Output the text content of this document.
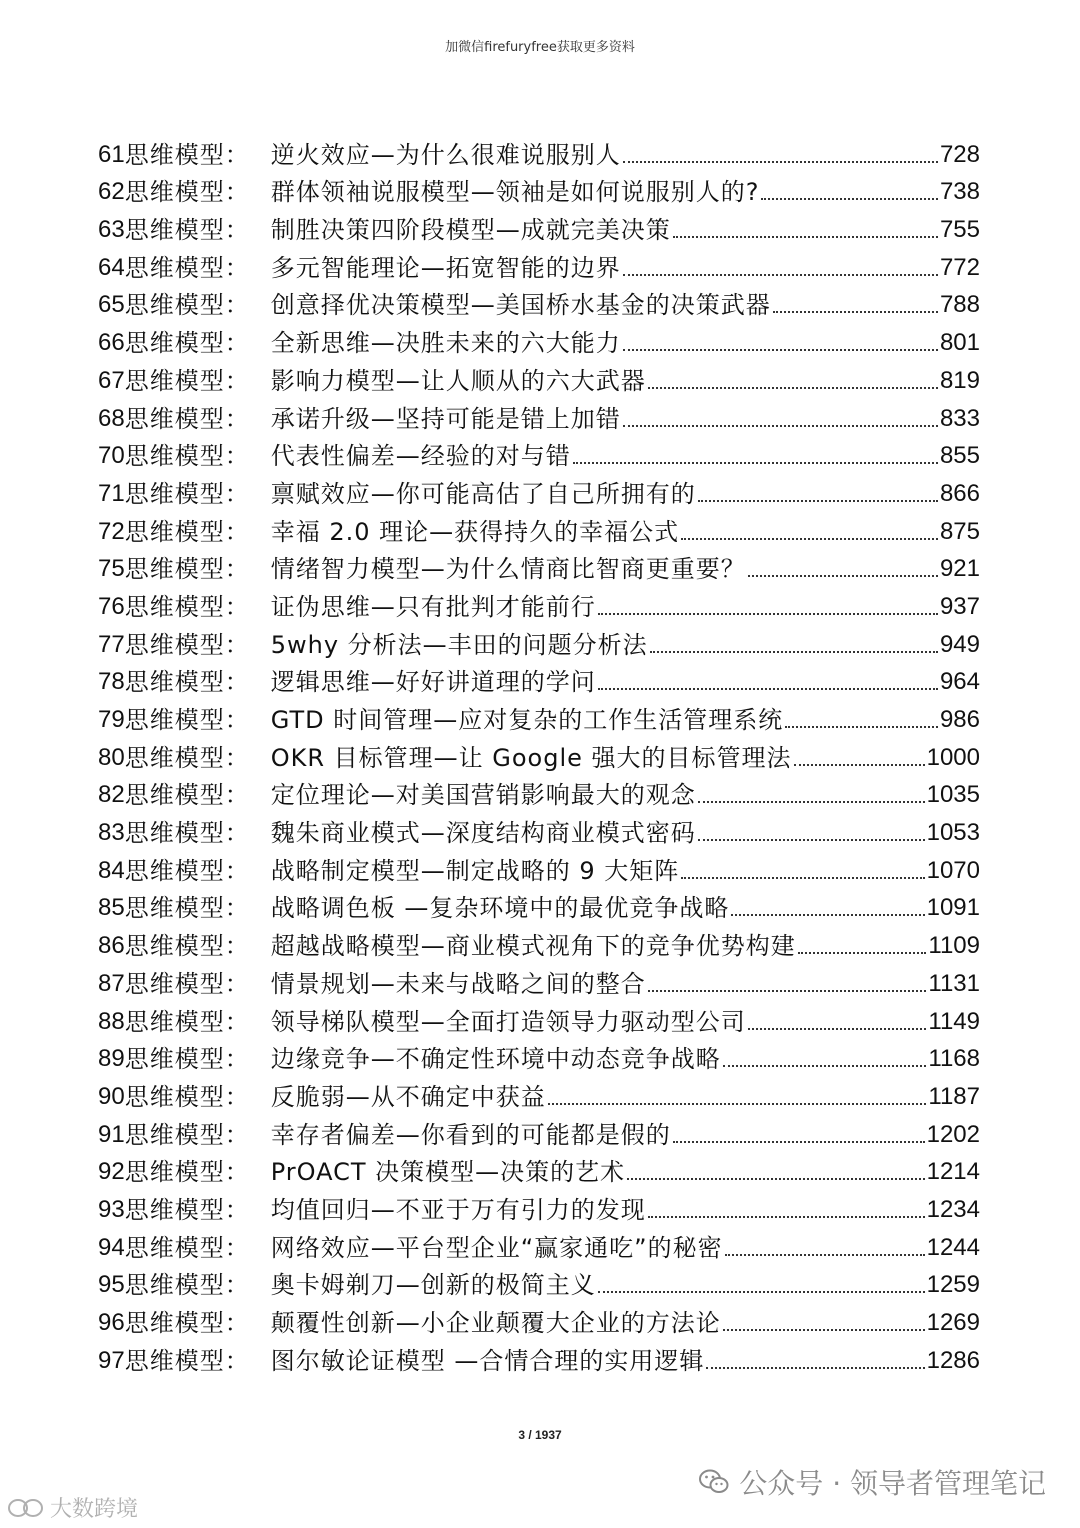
加微信firefuryfree获取更多资料
61 思维模型： 逆火效应—为什么很难说服别人	728
62 思维模型： 群体领袖说服模型—领袖是如何说服别人的?	738
63 思维模型： 制胜决策四阶段模型—成就完美决策	755
64 思维模型： 多元智能理论—拓宽智能的边界	772
65 思维模型： 创意择优决策模型—美国桥水基金的决策武器	788
66 思维模型： 全新思维—决胜未来的六大能力	801
67 思维模型： 影响力模型—让人顺从的六大武器	819
68 思维模型： 承诺升级—坚持可能是错上加错	833
70 思维模型： 代表性偏差—经验的对与错	855
71 思维模型： 禀赋效应—你可能高估了自己所拥有的	866
72 思维模型： 幸福 2.0 理论—获得持久的幸福公式	875
75 思维模型： 情绪智力模型—为什么情商比智商更重要？	921
76 思维模型： 证伪思维—只有批判才能前行	937
77 思维模型： 5why 分析法—丰田的问题分析法	949
78 思维模型： 逻辑思维—好好讲道理的学问	964
79 思维模型： GTD 时间管理—应对复杂的工作生活管理系统	986
80 思维模型： OKR 目标管理—让 Google 强大的目标管理法	1000
82 思维模型： 定位理论—对美国营销影响最大的观念	1035
83 思维模型： 魏朱商业模式—深度结构商业模式密码	1053
84 思维模型： 战略制定模型—制定战略的 9 大矩阵	1070
85 思维模型： 战略调色板 —复杂环境中的最优竞争战略	1091
86 思维模型： 超越战略模型—商业模式视角下的竞争优势构建	1109
87 思维模型： 情景规划—未来与战略之间的整合	1131
88 思维模型： 领导梯队模型—全面打造领导力驱动型公司	1149
89 思维模型： 边缘竞争—不确定性环境中动态竞争战略	1168
90 思维模型： 反脆弱—从不确定中获益	1187
91 思维模型： 幸存者偏差—你看到的可能都是假的	1202
92 思维模型： PrOACT 决策模型—决策的艺术	1214
93 思维模型： 均值回归—不亚于万有引力的发现	1234
94 思维模型： 网络效应—平台型企业“赢家通吃”的秘密	1244
95 思维模型： 奥卡姆剃刀—创新的极简主义	1259
96 思维模型： 颠覆性创新—小企业颠覆大企业的方法论	1269
97 思维模型： 图尔敏论证模型 —合情合理的实用逻辑	1286
3 / 1937
公众号 · 领导者管理笔记
大数跨境
